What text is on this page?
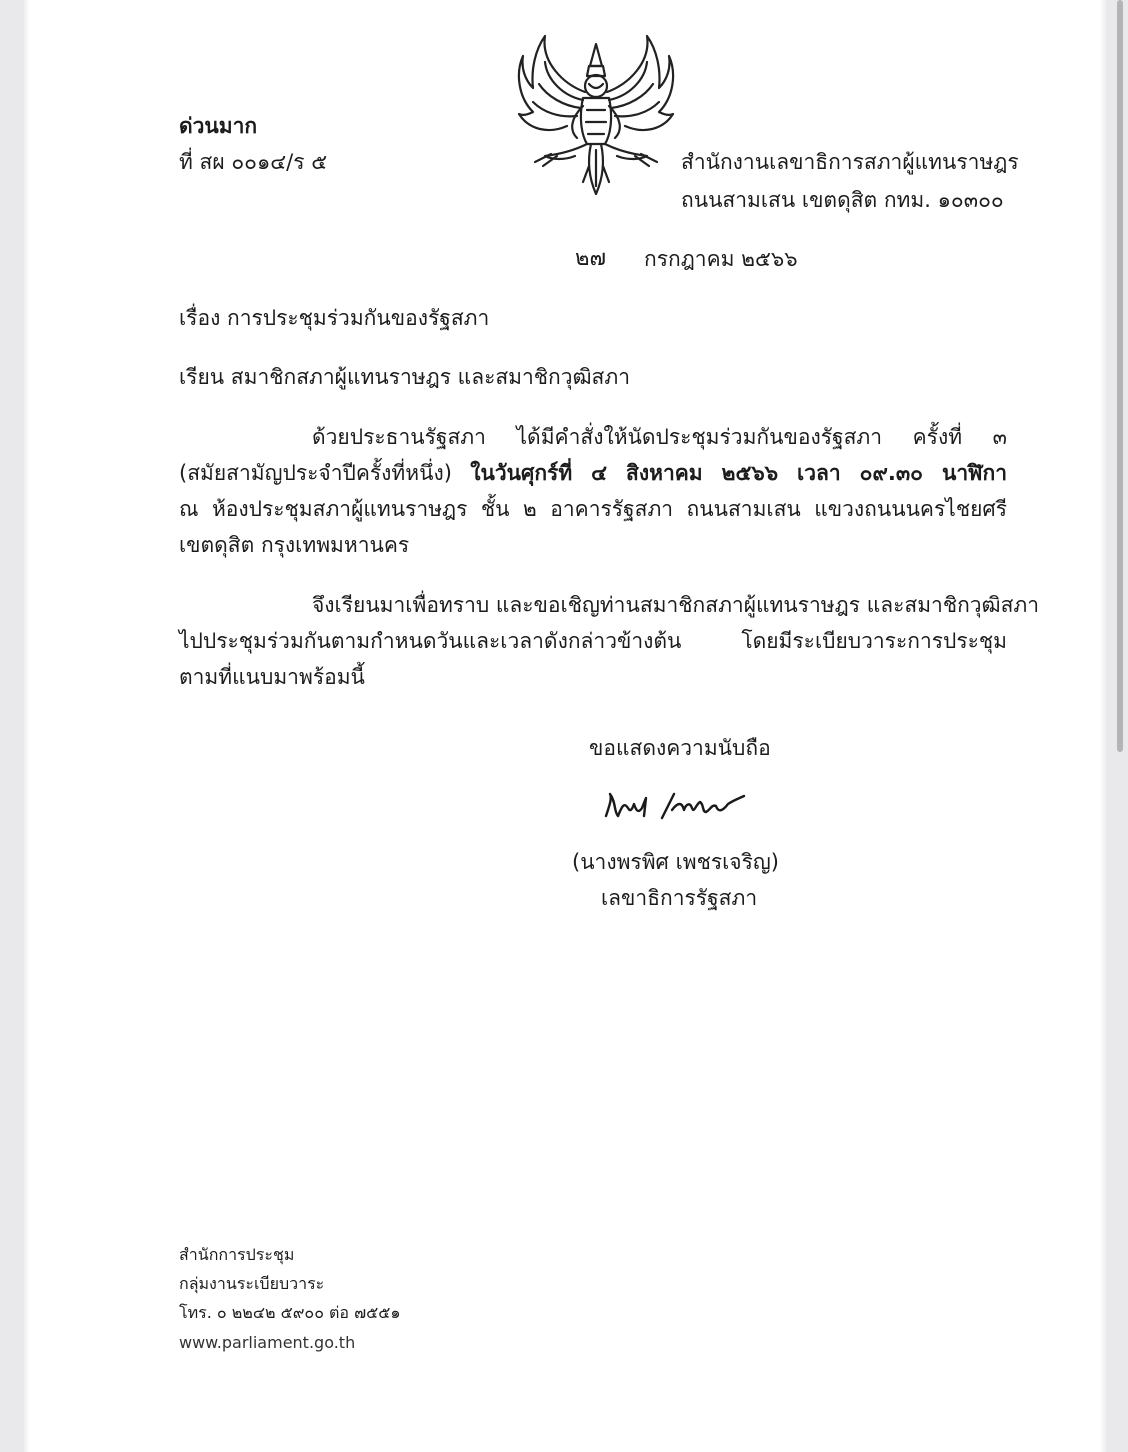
ด่วนมาก
ที่ สผ ๐๐๑๔/ร ๕	สำนักงานเลขาธิการสภาผู้แทนราษฎร
ถนนสามเสน เขตดุสิต กทม. ๑๐๓๐๐
๒๗ กรกฎาคม ๒๕๖๖
เรื่อง การประชุมร่วมกันของรัฐสภา
เรียน สมาชิกสภาผู้แทนราษฎร และสมาชิกวุฒิสภา
ด้วยประธานรัฐสภา ได้มีคำสั่งให้นัดประชุมร่วมกันของรัฐสภา ครั้งที่ ๓
(สมัยสามัญประจำปีครั้งที่หนึ่ง) ในวันศุกร์ที่ ๔ สิงหาคม ๒๕๖๖ เวลา ๐๙.๓๐ นาฬิกา
ณ ห้องประชุมสภาผู้แทนราษฎร ชั้น ๒ อาคารรัฐสภา ถนนสามเสน แขวงถนนนครไชยศรี
เขตดุสิต กรุงเทพมหานคร
จึงเรียนมาเพื่อทราบ และขอเชิญท่านสมาชิกสภาผู้แทนราษฎร และสมาชิกวุฒิสภา
ไปประชุมร่วมกันตามกำหนดวันและเวลาดังกล่าวข้างต้น โดยมีระเบียบวาระการประชุม
ตามที่แนบมาพร้อมนี้
ขอแสดงความนับถือ
(นางพรพิศ เพชรเจริญ)
เลขาธิการรัฐสภา
สำนักการประชุม
กลุ่มงานระเบียบวาระ
โทร. ๐ ๒๒๔๒ ๕๙๐๐ ต่อ ๗๕๕๑
www.parliament.go.th
